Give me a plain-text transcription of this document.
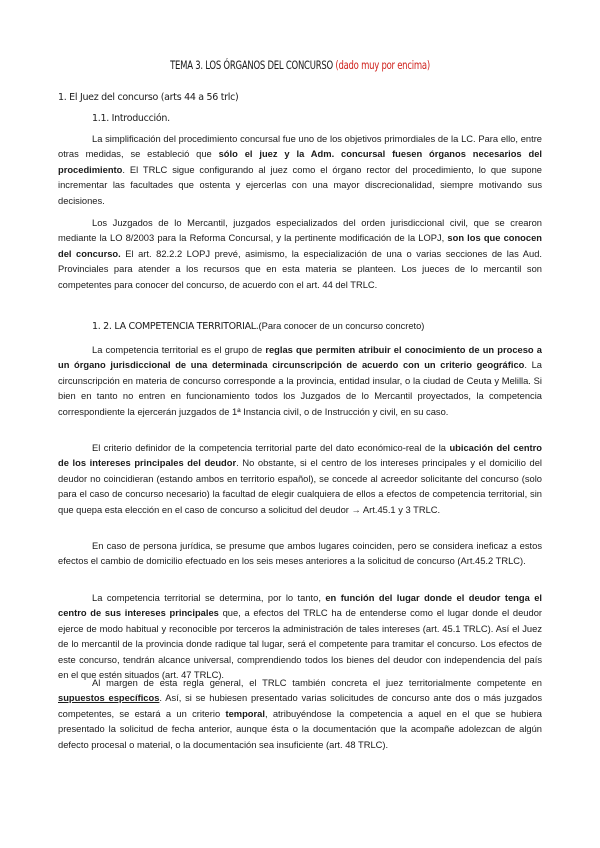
TEMA 3. LOS ÓRGANOS DEL CONCURSO (dado muy por encima)
1. El Juez del concurso (arts 44 a 56 trlc)
1.1. Introducción.

La simplificación del procedimiento concursal fue uno de los objetivos primordiales de la LC. Para ello, entre otras medidas, se estableció que sólo el juez y la Adm. concursal fuesen órganos necesarios del procedimiento. El TRLC sigue configurando al juez como el órgano rector del procedimiento, lo que supone incrementar las facultades que ostenta y ejercerlas con una mayor discrecionalidad, siempre motivando sus decisiones.

Los Juzgados de lo Mercantil, juzgados especializados del orden jurisdiccional civil, que se crearon mediante la LO 8/2003 para la Reforma Concursal, y la pertinente modificación de la LOPJ, son los que conocen del concurso. El art. 82.2.2 LOPJ prevé, asimismo, la especialización de una o varias secciones de las Aud. Provinciales para atender a los recursos que en esta materia se planteen. Los jueces de lo mercantil son competentes para conocer del concurso, de acuerdo con el art. 44 del TRLC.

1. 2. LA COMPETENCIA TERRITORIAL.(Para conocer de un concurso concreto)

La competencia territorial es el grupo de reglas que permiten atribuir el conocimiento de un proceso a un órgano jurisdiccional de una determinada circunscripción de acuerdo con un criterio geográfico. La circunscripción en materia de concurso corresponde a la provincia, entidad insular, o la ciudad de Ceuta y Melilla. Si bien en tanto no entren en funcionamiento todos los Juzgados de lo Mercantil proyectados, la competencia correspondiente la ejercerán juzgados de 1ª Instancia civil, o de Instrucción y civil, en su caso.

El criterio definidor de la competencia territorial parte del dato económico-real de la ubicación del centro de los intereses principales del deudor. No obstante, si el centro de los intereses principales y el domicilio del deudor no coincidieran (estando ambos en territorio español), se concede al acreedor solicitante del concurso (solo para el caso de concurso necesario) la facultad de elegir cualquiera de ellos a efectos de competencia territorial, sin que quepa esta elección en el caso de concurso a solicitud del deudor → Art.45.1 y 3 TRLC.

En caso de persona jurídica, se presume que ambos lugares coinciden, pero se considera ineficaz a estos efectos el cambio de domicilio efectuado en los seis meses anteriores a la solicitud de concurso (Art.45.2 TRLC).

La competencia territorial se determina, por lo tanto, en función del lugar donde el deudor tenga el centro de sus intereses principales que, a efectos del TRLC ha de entenderse como el lugar donde el deudor ejerce de modo habitual y reconocible por terceros la administración de tales intereses (art. 45.1 TRLC). Así el Juez de lo mercantil de la provincia donde radique tal lugar, será el competente para tramitar el concurso. Los efectos de este concurso, tendrán alcance universal, comprendiendo todos los bienes del deudor con independencia del país en el que estén situados (art. 47 TRLC).

Al margen de esta regla general, el TRLC también concreta el juez territorialmente competente en supuestos específicos. Así, si se hubiesen presentado varias solicitudes de concurso ante dos o más juzgados competentes, se estará a un criterio temporal, atribuyéndose la competencia a aquel en el que se hubiera presentado la solicitud de fecha anterior, aunque ésta o la documentación que la acompañe adolezcan de algún defecto procesal o material, o la documentación sea insuficiente (art. 48 TRLC).
